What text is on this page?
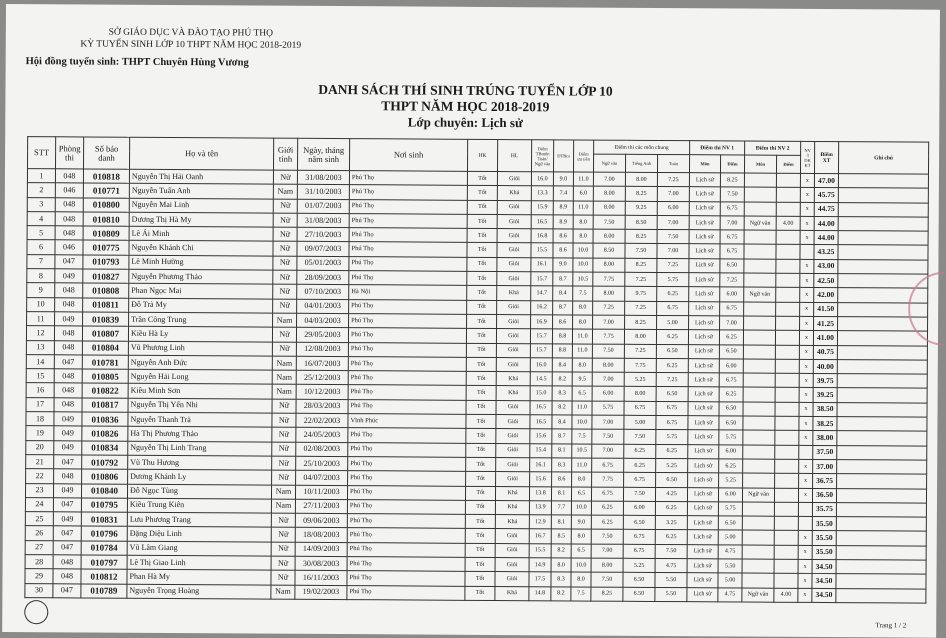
SỞ GIÁO DỤC VÀ ĐÀO TẠO PHÚ THỌ
KỲ TUYỂN SINH LỚP 10 THPT NĂM HỌC 2018-2019
Hội đồng tuyển sinh: THPT Chuyên Hùng Vương
DANH SÁCH THÍ SINH TRÚNG TUYỂN LỚP 10
THPT NĂM HỌC 2018-2019
Lớp chuyên: Lịch sử
STT	Phòng thi	Số báo danh	Họ và tên	Giới tính	Ngày, tháng năm sinh	Nơi sinh	HK	HL	Điểm TBmôn Toán/ Ngữ văn	ĐTBcs	Điểm ưu tiên	Điểm thi các môn chung			Điểm thi NV 1		Điểm thi NV 2		NV 3 DK KT	Điểm XT	Ghi chú
												Ngữ văn	Tiếng Anh	Toán	Môn	Điểm	Môn	Điểm			
1	048	010818	Nguyễn Thị Hải Oanh	Nữ	31/08/2003	Phú Thọ	Tốt	Giỏi	16.0	9.0	11.0	7.00	8.00	7.25	Lịch sử	8.25			x	47.00	
2	046	010771	Nguyễn Tuấn Anh	Nam	31/10/2003	Phú Thọ	Tốt	Khá	13.3	7.4	6.0	8.00	8.25	7.00	Lịch sử	7.50			x	45.75	
3	048	010800	Nguyễn Mai Linh	Nữ	01/07/2003	Phú Thọ	Tốt	Giỏi	15.9	8.9	11.0	8.00	9.25	6.00	Lịch sử	6.75			x	44.75	
4	048	010810	Dương Thị Hà My	Nữ	31/08/2003	Phú Thọ	Tốt	Giỏi	16.5	8.9	8.0	7.50	8.50	7.00	Lịch sử	7.00	Ngữ văn	4.00	x	44.00	
5	048	010809	Lê Ái Minh	Nữ	27/10/2003	Phú Thọ	Tốt	Giỏi	16.8	8.6	8.0	8.00	8.25	7.50	Lịch sử	6.75			x	44.00	
6	046	010775	Nguyễn Khánh Chi	Nữ	09/07/2003	Phú Thọ	Tốt	Giỏi	15.5	8.6	10.0	8.50	7.50	7.00	Lịch sử	6.75				43.25	
7	047	010793	Lê Minh Hường	Nữ	05/01/2003	Phú Thọ	Tốt	Giỏi	16.1	9.0	10.0	8.00	8.25	7.25	Lịch sử	6.50			x	43.00	
8	049	010827	Nguyễn Phương Thảo	Nữ	28/09/2003	Phú Thọ	Tốt	Giỏi	15.7	8.7	10.5	7.75	7.25	5.75	Lịch sử	7.25			x	42.50	
9	048	010808	Phan Ngọc Mai	Nữ	07/10/2003	Hà Nội	Tốt	Khá	14.7	8.4	7.5	8.00	9.75	6.25	Lịch sử	6.00	Ngữ văn		x	42.00	
10	048	010811	Đỗ Trà My	Nữ	04/01/2003	Phú Thọ	Tốt	Giỏi	16.2	8.7	8.0	7.25	7.25	6.75	Lịch sử	6.75			x	41.50	
11	049	010839	Trần Công Trung	Nam	04/03/2003	Phú Thọ	Tốt	Giỏi	16.9	8.6	8.0	7.00	8.25	5.00	Lịch sử	7.00			x	41.25	
12	048	010807	Kiều Hà Ly	Nữ	29/05/2003	Phú Thọ	Tốt	Giỏi	15.7	8.8	11.0	7.75	8.00	6.25	Lịch sử	6.25			x	41.00	
13	048	010804	Vũ Phương Linh	Nữ	12/08/2003	Phú Thọ	Tốt	Giỏi	15.7	8.8	11.0	7.50	7.25	6.50	Lịch sử	6.50			x	40.75	
14	047	010781	Nguyễn Anh Đức	Nam	16/07/2003	Phú Thọ	Tốt	Giỏi	16.0	8.4	8.0	8.00	7.75	6.25	Lịch sử	6.00			x	40.00	
15	048	010805	Nguyễn Hải Long	Nam	25/12/2003	Phú Thọ	Tốt	Khá	14.5	8.2	9.5	7.00	5.25	7.25	Lịch sử	6.75			x	39.75	
16	048	010822	Kiều Minh Sơn	Nam	10/12/2003	Phú Thọ	Tốt	Khá	15.0	8.3	6.5	6.00	8.00	6.50	Lịch sử	6.25			x	39.25	
17	048	010817	Nguyễn Thị Yến Nhi	Nữ	28/03/2003	Phú Thọ	Tốt	Giỏi	16.5	8.2	11.0	5.75	6.75	6.75	Lịch sử	6.50			x	38.50	
18	049	010836	Nguyễn Thanh Trà	Nữ	22/02/2003	Vĩnh Phúc	Tốt	Giỏi	16.5	8.4	10.0	7.00	5.00	6.75	Lịch sử	6.50			x	38.25	
19	049	010826	Hà Thị Phương Thảo	Nữ	24/05/2003	Phú Thọ	Tốt	Giỏi	15.6	8.7	7.5	7.50	7.50	5.75	Lịch sử	5.75			x	38.00	
20	049	010834	Nguyễn Thị Linh Trang	Nữ	02/08/2003	Phú Thọ	Tốt	Giỏi	15.4	8.1	10.5	7.00	6.25	6.25	Lịch sử	6.00				37.50	
21	047	010792	Vũ Thu Hương	Nữ	25/10/2003	Phú Thọ	Tốt	Giỏi	16.1	8.3	11.0	6.75	6.25	5.25	Lịch sử	6.25			x	37.00	
22	048	010806	Dương Khánh Ly	Nữ	04/07/2003	Phú Thọ	Tốt	Giỏi	15.6	8.6	8.0	7.75	6.75	6.50	Lịch sử	5.25			x	36.75	
23	049	010840	Đỗ Ngọc Tùng	Nam	10/11/2003	Phú Thọ	Tốt	Khá	13.8	8.1	6.5	6.75	7.50	4.25	Lịch sử	6.00	Ngữ văn		x	36.50	
24	047	010795	Kiều Trung Kiên	Nam	27/11/2003	Phú Thọ	Tốt	Khá	13.9	7.7	10.0	6.25	6.00	6.25	Lịch sử	5.75				35.75	
25	049	010831	Lưu Phương Trang	Nữ	09/06/2003	Phú Thọ	Tốt	Khá	12.9	8.1	9.0	6.25	6.50	3.25	Lịch sử	6.50				35.50	
26	047	010796	Đặng Diệu Linh	Nữ	18/08/2003	Phú Thọ	Tốt	Giỏi	16.7	8.5	8.0	7.50	6.75	6.25	Lịch sử	5.00			x	35.50	
27	047	010784	Vũ Lâm Giang	Nữ	14/09/2003	Phú Thọ	Tốt	Giỏi	15.5	8.2	6.5	7.00	6.75	7.50	Lịch sử	4.75			x	35.50	
28	048	010797	Lê Thị Giao Linh	Nữ	30/08/2003	Phú Thọ	Tốt	Giỏi	14.9	8.0	10.0	8.00	5.25	4.75	Lịch sử	5.50			x	34.50	
29	048	010812	Phan Hà My	Nữ	16/11/2003	Phú Thọ	Tốt	Giỏi	17.5	8.3	8.0	7.50	6.50	5.50	Lịch sử	5.00			x	34.50	
30	047	010789	Nguyễn Trọng Hoàng	Nam	19/02/2003	Phú Thọ	Tốt	Khá	14.8	8.2	7.5	8.25	6.50	5.50	Lịch sử	4.75	Ngữ văn	4.00	x	34.50	
Trang 1 / 2
